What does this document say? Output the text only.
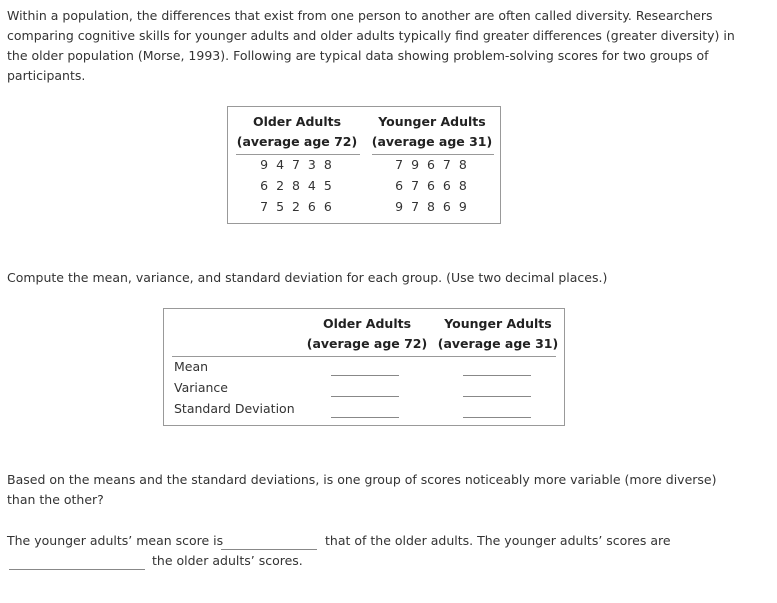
Within a population, the differences that exist from one person to another are often called diversity. Researchers comparing cognitive skills for younger adults and older adults typically find greater differences (greater diversity) in the older population (Morse, 1993). Following are typical data showing problem-solving scores for two groups of participants.

Older Adults
(average age 72)
Younger Adults
(average age 31)
9 4 7 3 8
6 2 8 4 5
7 5 2 6 6
7 9 6 7 8
6 7 6 6 8
9 7 8 6 9

Compute the mean, variance, and standard deviation for each group. (Use two decimal places.)

Older Adults
(average age 72)
Younger Adults
(average age 31)
Mean
Variance
Standard Deviation

Based on the means and the standard deviations, is one group of scores noticeably more variable (more diverse) than the other?

The younger adults’ mean score is	that of the older adults. The younger adults’ scores are
the older adults’ scores.
